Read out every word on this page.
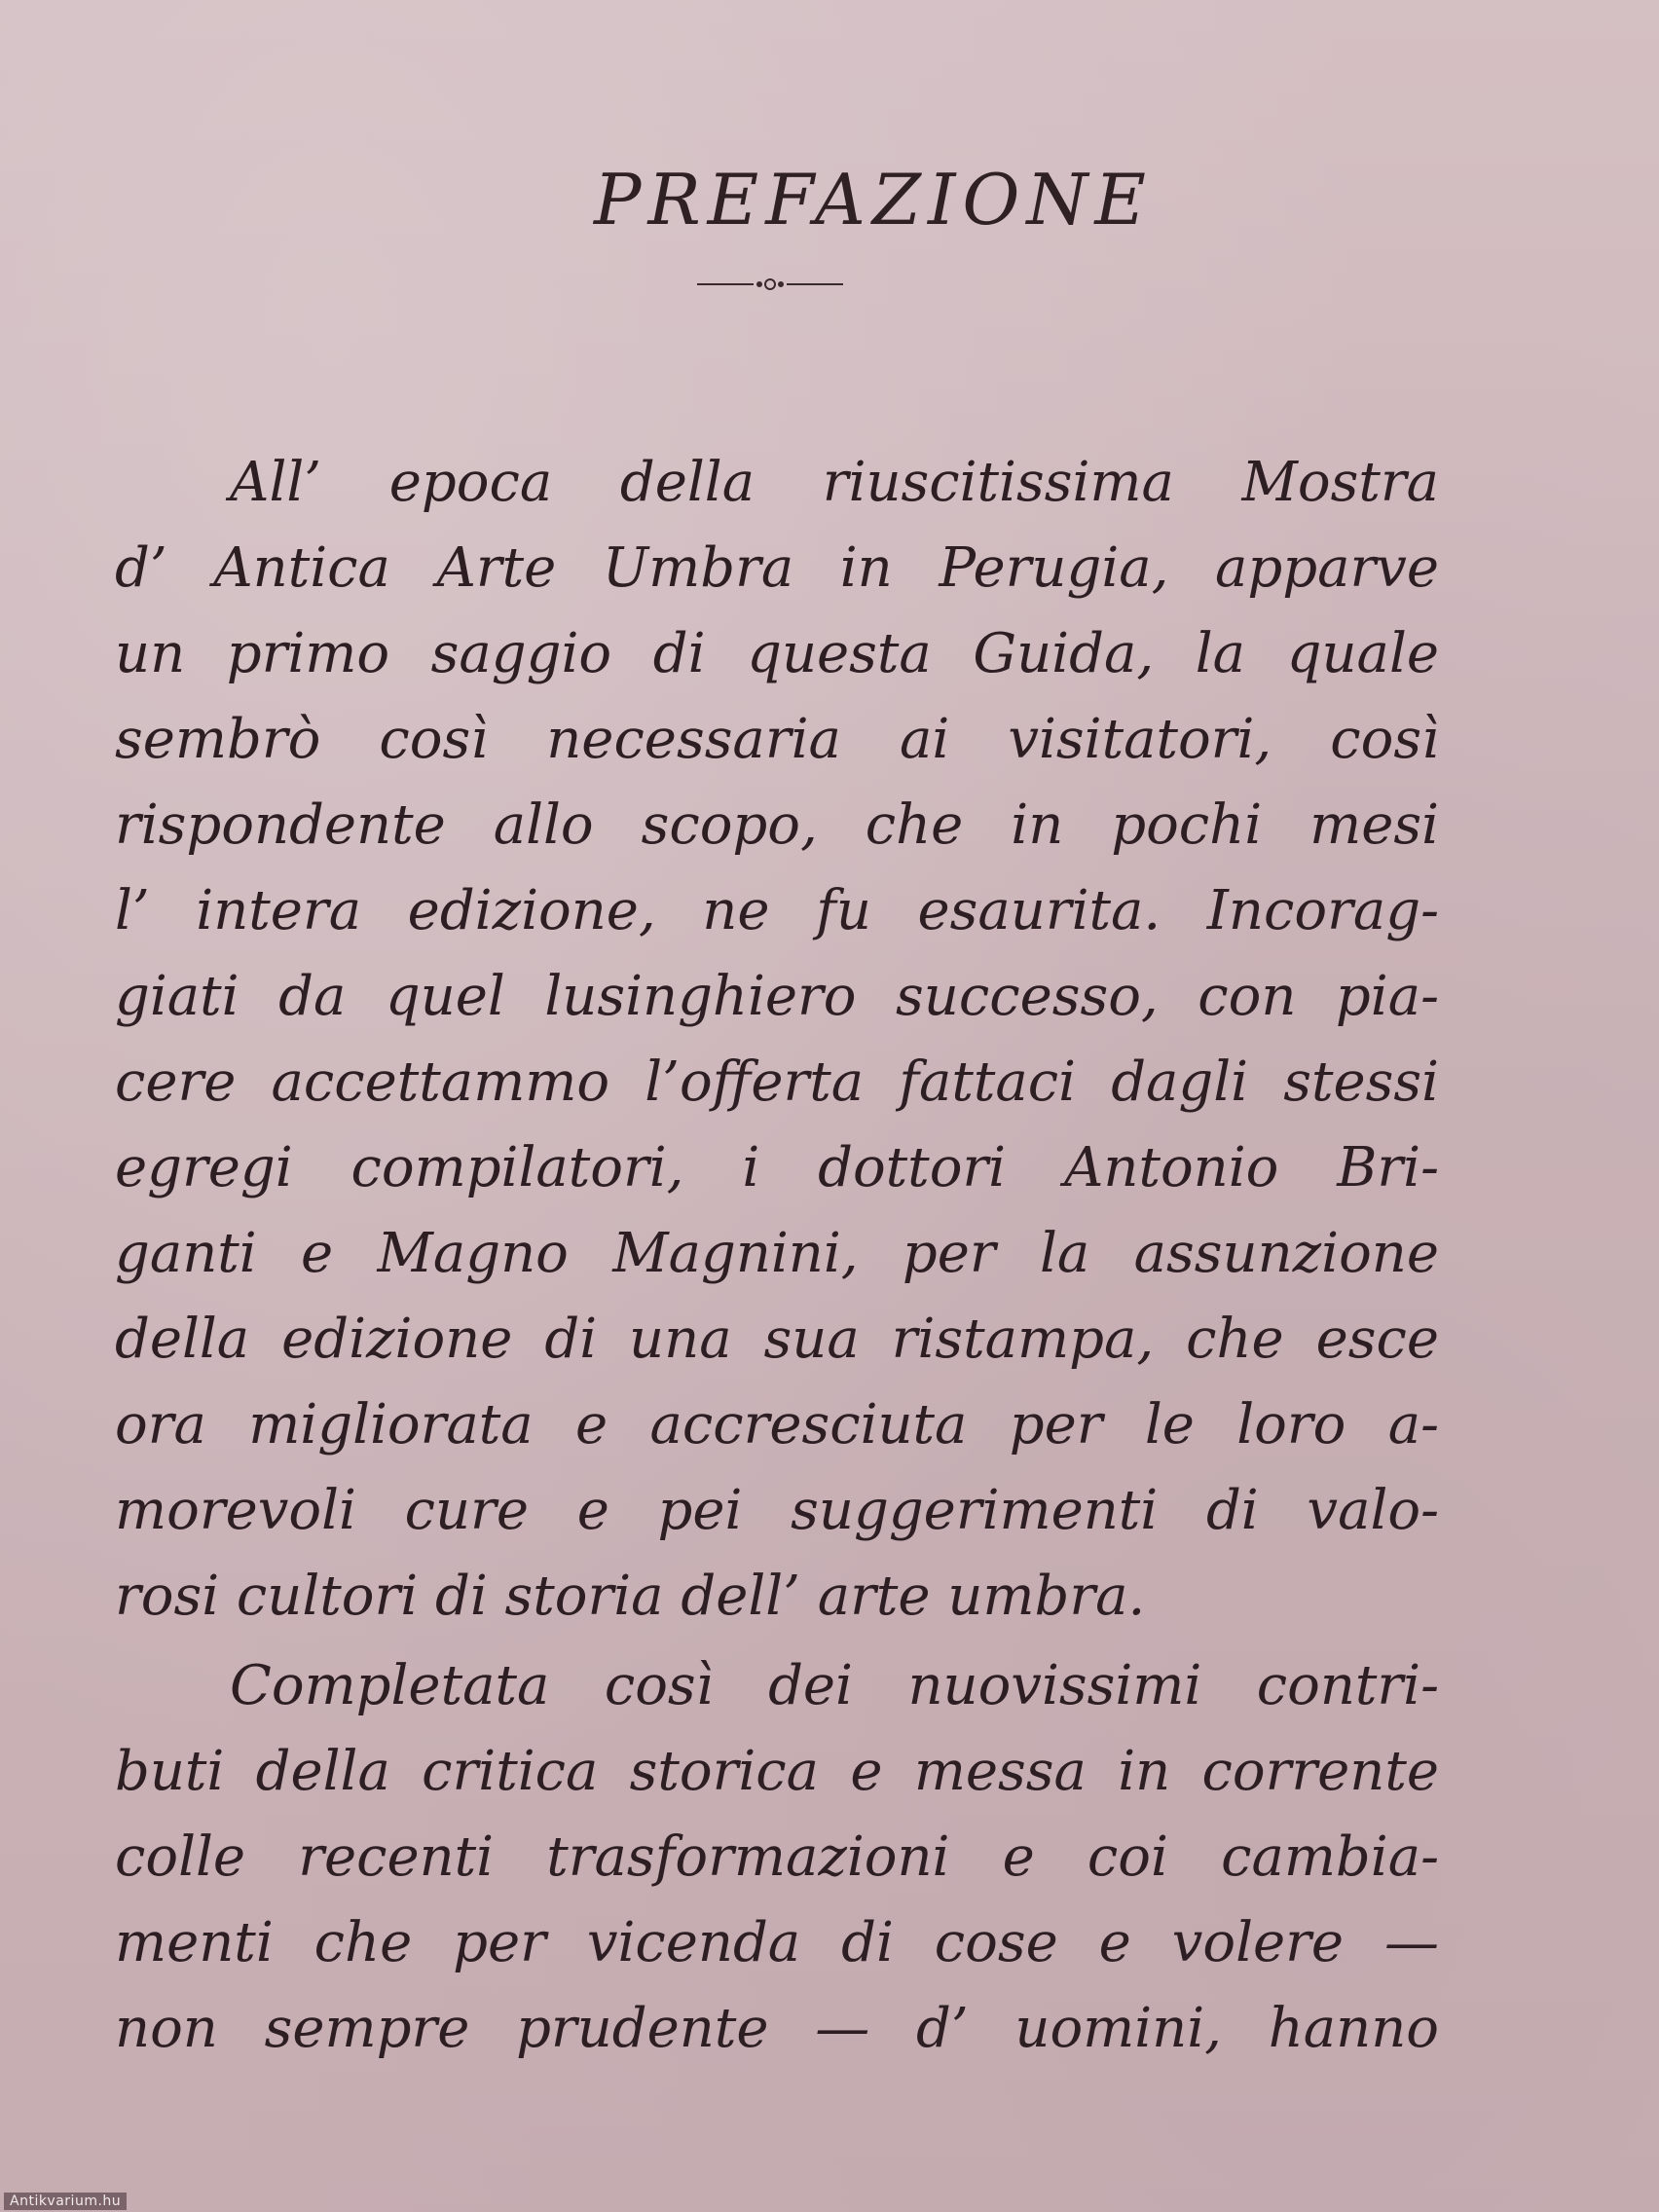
PREFAZIONE
All’ epoca della riuscitissima Mostra
d’ Antica Arte Umbra in Perugia, apparve
un primo saggio di questa Guida, la quale
sembrò così necessaria ai visitatori, così
rispondente allo scopo, che in pochi mesi
l’ intera edizione, ne fu esaurita. Incorag-
giati da quel lusinghiero successo, con pia-
cere accettammo l’offerta fattaci dagli stessi
egregi compilatori, i dottori Antonio Bri-
ganti e Magno Magnini, per la assunzione
della edizione di una sua ristampa, che esce
ora migliorata e accresciuta per le loro a-
morevoli cure e pei suggerimenti di valo-
rosi cultori di storia dell’ arte umbra.
Completata così dei nuovissimi contri-
buti della critica storica e messa in corrente
colle recenti trasformazioni e coi cambia-
menti che per vicenda di cose e volere —
non sempre prudente — d’ uomini, hanno
Antikvarium.hu
